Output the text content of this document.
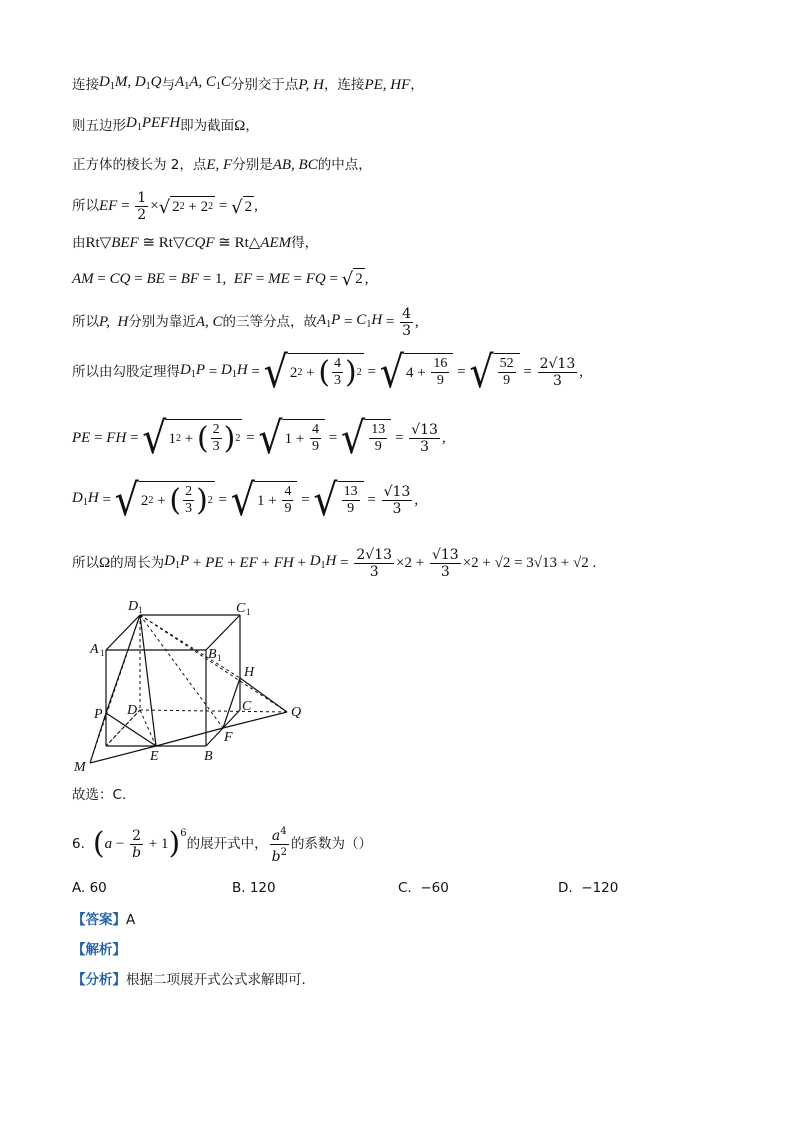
连接 $D_1M$, $D_1Q$ 与 $A_1A$, $C_1C$ 分别交于点 P, H ，连接 PE, HF ，
则五边形 $D_1PEFH$ 即为截面 Ω ，
正方体的棱长为 2，点 E, F 分别是 AB, BC 的中点，
所以 EF = $\frac{1}{2}$ × √ 2 2 + 2 2 = √ 2 ,
由 Rt▽BEF ≅ Rt▽CQF ≅ Rt△AEM 得，
AM = CQ = BE = BF = 1, EF = ME = FQ = √ 2 ,
所以 P,  H 分别为靠近 A, C 的三等分点，故 $A_1P = C_1H = \frac{4}{3}$ ,
所以由勾股定理得 $D_1P = D_1H$ = √ 2 2 + ( $\frac{4}{3}$ ) 2 = √ $4 + \frac{16}{9}$ = √ $\frac{52}{9} = \frac{2√13}{3}$ ,
PE = FH = √ 1 2 + ( $\frac{2}{3}$ ) 2 = √ $1 + \frac{4}{9}$ = √ $\frac{13}{9} = \frac{√13}{3}$ ,
$D_1H$ = √ 2 2 + ( $\frac{2}{3}$ ) 2 = √ $1 + \frac{4}{9}$ = √ $\frac{13}{9} = \frac{√13}{3}$ ,
所以 Ω 的周长为 $D_1P$ + PE + EF + FH + $D_1H = \frac{2√13}{3} \times 2 + \frac{√13}{3} \times 2 + √2 = 3√13 + √2$ .
D 1	C 1
A 1	B 1
H
P D	C	Q
F
M
E	B
故选：C.
6. ( $a - \frac{2}{b} + 1$ )$^6$
的展开式中， $\frac{a^4}{b^2}$ 的系数为（）
A. 60	B. 120	C. −60	D. −120
【 答案 】 A
【 解析 】
【 分析 】 根据二项展开式公式求解即可.
